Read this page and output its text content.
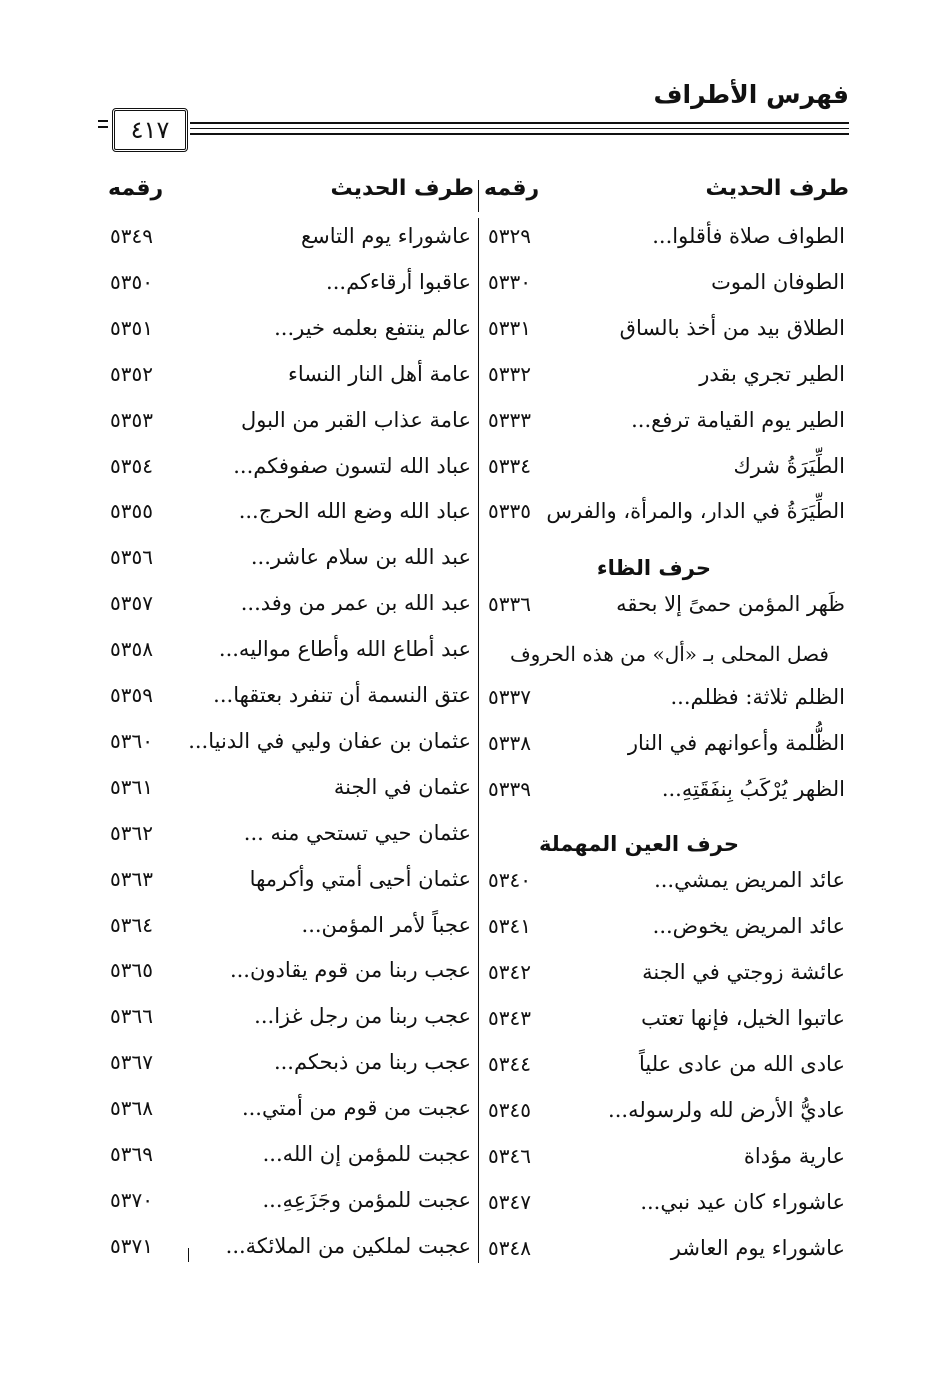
فهرس الأطراف
٤١٧
طرف الحديث
رقمه
طرف الحديث
رقمه
الطواف صلاة فأقلوا...
٥٣٢٩
الطوفان الموت
٥٣٣٠
الطلاق بيد من أخذ بالساق
٥٣٣١
الطير تجري بقدر
٥٣٣٢
الطير يوم القيامة ترفع...
٥٣٣٣
الطِّيَرَةُ شرك
٥٣٣٤
الطِّيَرَةُ في الدار، والمرأة، والفرس
٥٣٣٥
حرف الظاء
ظَهر المؤمن حمىً إلا بحقه
٥٣٣٦
فصل المحلى بـ «أل» من هذه الحروف
الظلم ثلاثة: فظلم...
٥٣٣٧
الظُّلمة وأعوانهم في النار
٥٣٣٨
الظهر يُرْكَبُ بِنفَقَتِهِ...
٥٣٣٩
حرف العين المهملة
عائد المريض يمشي...
٥٣٤٠
عائد المريض يخوض...
٥٣٤١
عائشة زوجتي في الجنة
٥٣٤٢
عاتبوا الخيل، فإنها تعتب
٥٣٤٣
عادى الله من عادى علياً
٥٣٤٤
عاديُّ الأرض لله ولرسوله...
٥٣٤٥
عارية مؤداة
٥٣٤٦
عاشوراء كان عيد نبي...
٥٣٤٧
عاشوراء يوم العاشر
٥٣٤٨
عاشوراء يوم التاسع
٥٣٤٩
عاقبوا أرقاءكم...
٥٣٥٠
عالم ينتفع بعلمه خير...
٥٣٥١
عامة أهل النار النساء
٥٣٥٢
عامة عذاب القبر من البول
٥٣٥٣
عباد الله لتسون صفوفكم...
٥٣٥٤
عباد الله وضع الله الحرج...
٥٣٥٥
عبد الله بن سلام عاشر...
٥٣٥٦
عبد الله بن عمر من وفد...
٥٣٥٧
عبد أطاع الله وأطاع مواليه...
٥٣٥٨
عتق النسمة أن تنفرد بعتقها...
٥٣٥٩
عثمان بن عفان وليي في الدنيا...
٥٣٦٠
عثمان في الجنة
٥٣٦١
عثمان حيي تستحي منه ...
٥٣٦٢
عثمان أحيى أمتي وأكرمها
٥٣٦٣
عجباً لأمر المؤمن...
٥٣٦٤
عجب ربنا من قوم يقادون...
٥٣٦٥
عجب ربنا من رجل غزا...
٥٣٦٦
عجب ربنا من ذبحكم...
٥٣٦٧
عجبت من قوم من أمتي...
٥٣٦٨
عجبت للمؤمن إن الله...
٥٣٦٩
عجبت للمؤمن وجَزَعِهِ...
٥٣٧٠
عجبت لملكين من الملائكة...
٥٣٧١
